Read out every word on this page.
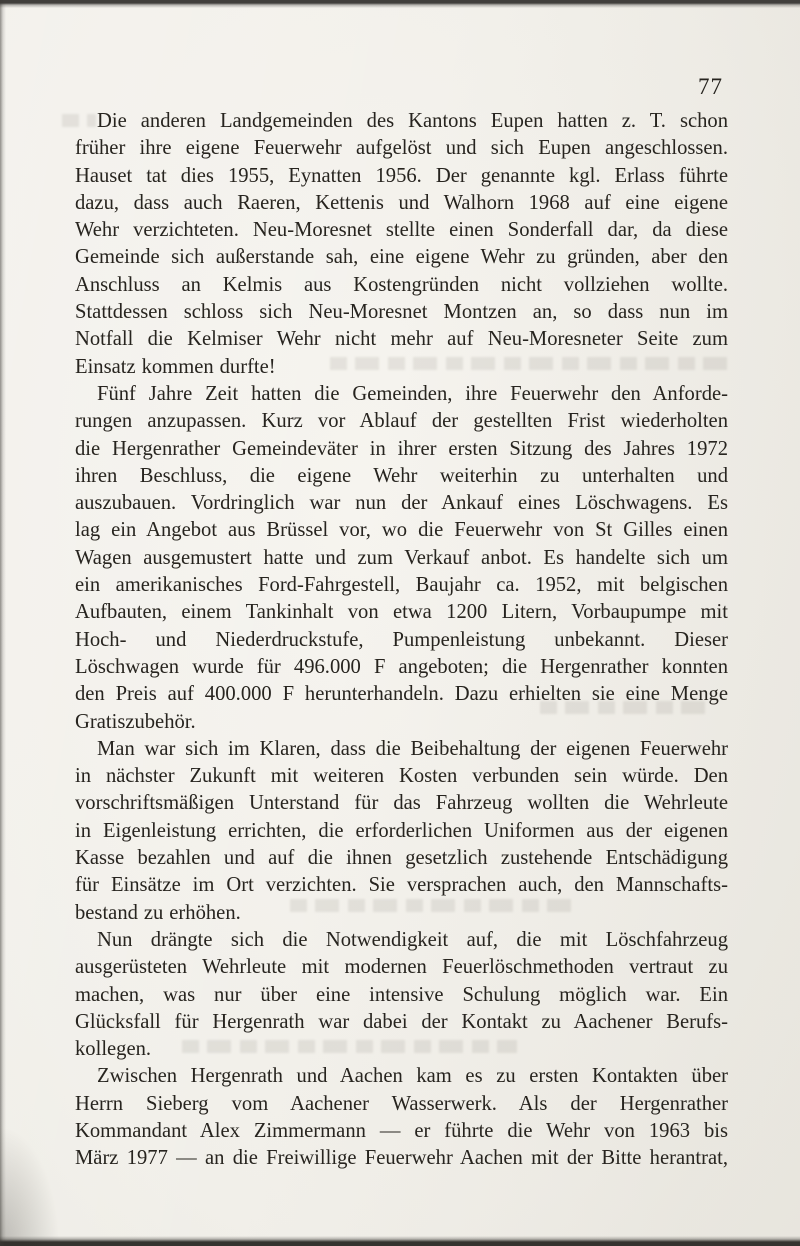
77
Die anderen Landgemeinden des Kantons Eupen hatten z. T. schon
früher ihre eigene Feuerwehr aufgelöst und sich Eupen angeschlossen.
Hauset tat dies 1955, Eynatten 1956. Der genannte kgl. Erlass führte
dazu, dass auch Raeren, Kettenis und Walhorn 1968 auf eine eigene
Wehr verzichteten. Neu-Moresnet stellte einen Sonderfall dar, da diese
Gemeinde sich außerstande sah, eine eigene Wehr zu gründen, aber den
Anschluss an Kelmis aus Kostengründen nicht vollziehen wollte.
Stattdessen schloss sich Neu-Moresnet Montzen an, so dass nun im
Notfall die Kelmiser Wehr nicht mehr auf Neu-Moresneter Seite zum
Einsatz kommen durfte!
Fünf Jahre Zeit hatten die Gemeinden, ihre Feuerwehr den Anforde-
rungen anzupassen. Kurz vor Ablauf der gestellten Frist wiederholten
die Hergenrather Gemeindeväter in ihrer ersten Sitzung des Jahres 1972
ihren Beschluss, die eigene Wehr weiterhin zu unterhalten und
auszubauen. Vordringlich war nun der Ankauf eines Löschwagens. Es
lag ein Angebot aus Brüssel vor, wo die Feuerwehr von St Gilles einen
Wagen ausgemustert hatte und zum Verkauf anbot. Es handelte sich um
ein amerikanisches Ford-Fahrgestell, Baujahr ca. 1952, mit belgischen
Aufbauten, einem Tankinhalt von etwa 1200 Litern, Vorbaupumpe mit
Hoch- und Niederdruckstufe, Pumpenleistung unbekannt. Dieser
Löschwagen wurde für 496.000 F angeboten; die Hergenrather konnten
den Preis auf 400.000 F herunterhandeln. Dazu erhielten sie eine Menge
Gratiszubehör.
Man war sich im Klaren, dass die Beibehaltung der eigenen Feuerwehr
in nächster Zukunft mit weiteren Kosten verbunden sein würde. Den
vorschriftsmäßigen Unterstand für das Fahrzeug wollten die Wehrleute
in Eigenleistung errichten, die erforderlichen Uniformen aus der eigenen
Kasse bezahlen und auf die ihnen gesetzlich zustehende Entschädigung
für Einsätze im Ort verzichten. Sie versprachen auch, den Mannschafts-
bestand zu erhöhen.
Nun drängte sich die Notwendigkeit auf, die mit Löschfahrzeug
ausgerüsteten Wehrleute mit modernen Feuerlöschmethoden vertraut zu
machen, was nur über eine intensive Schulung möglich war. Ein
Glücksfall für Hergenrath war dabei der Kontakt zu Aachener Berufs-
kollegen.
Zwischen Hergenrath und Aachen kam es zu ersten Kontakten über
Herrn Sieberg vom Aachener Wasserwerk. Als der Hergenrather
Kommandant Alex Zimmermann — er führte die Wehr von 1963 bis
März 1977 — an die Freiwillige Feuerwehr Aachen mit der Bitte herantrat,
